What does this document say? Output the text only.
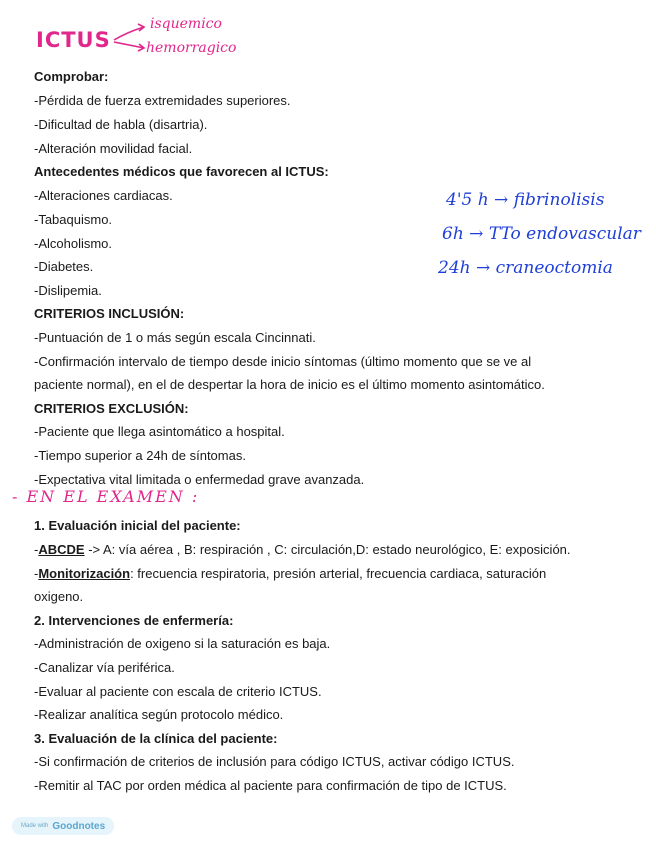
ICTUS
isquemico
hemorragico
4'5 h → fibrinolisis
6h → TTo endovascular
24h → craneoctomia
Comprobar:
-Pérdida de fuerza extremidades superiores.
-Dificultad de habla (disartria).
-Alteración movilidad facial.
Antecedentes médicos que favorecen al ICTUS:
-Alteraciones cardiacas.
-Tabaquismo.
-Alcoholismo.
-Diabetes.
-Dislipemia.
CRITERIOS INCLUSIÓN:
-Puntuación de 1 o más según escala Cincinnati.
-Confirmación intervalo de tiempo desde inicio síntomas (último momento que se ve al
paciente normal), en el de despertar la hora de inicio es el último momento asintomático.
CRITERIOS EXCLUSIÓN:
-Paciente que llega asintomático a hospital.
-Tiempo superior a 24h de síntomas.
-Expectativa vital limitada o enfermedad grave avanzada.
- EN EL EXAMEN :
1. Evaluación inicial del paciente:
-ABCDE -> A: vía aérea , B: respiración , C: circulación,D: estado neurológico, E: exposición.
-Monitorización: frecuencia respiratoria, presión arterial, frecuencia cardiaca, saturación
oxigeno.
2. Intervenciones de enfermería:
-Administración de oxigeno si la saturación es baja.
-Canalizar vía periférica.
-Evaluar al paciente con escala de criterio ICTUS.
-Realizar analítica según protocolo médico.
3. Evaluación de la clínica del paciente:
-Si confirmación de criterios de inclusión para código ICTUS, activar código ICTUS.
-Remitir al TAC por orden médica al paciente para confirmación de tipo de ICTUS.
Made with Goodnotes
